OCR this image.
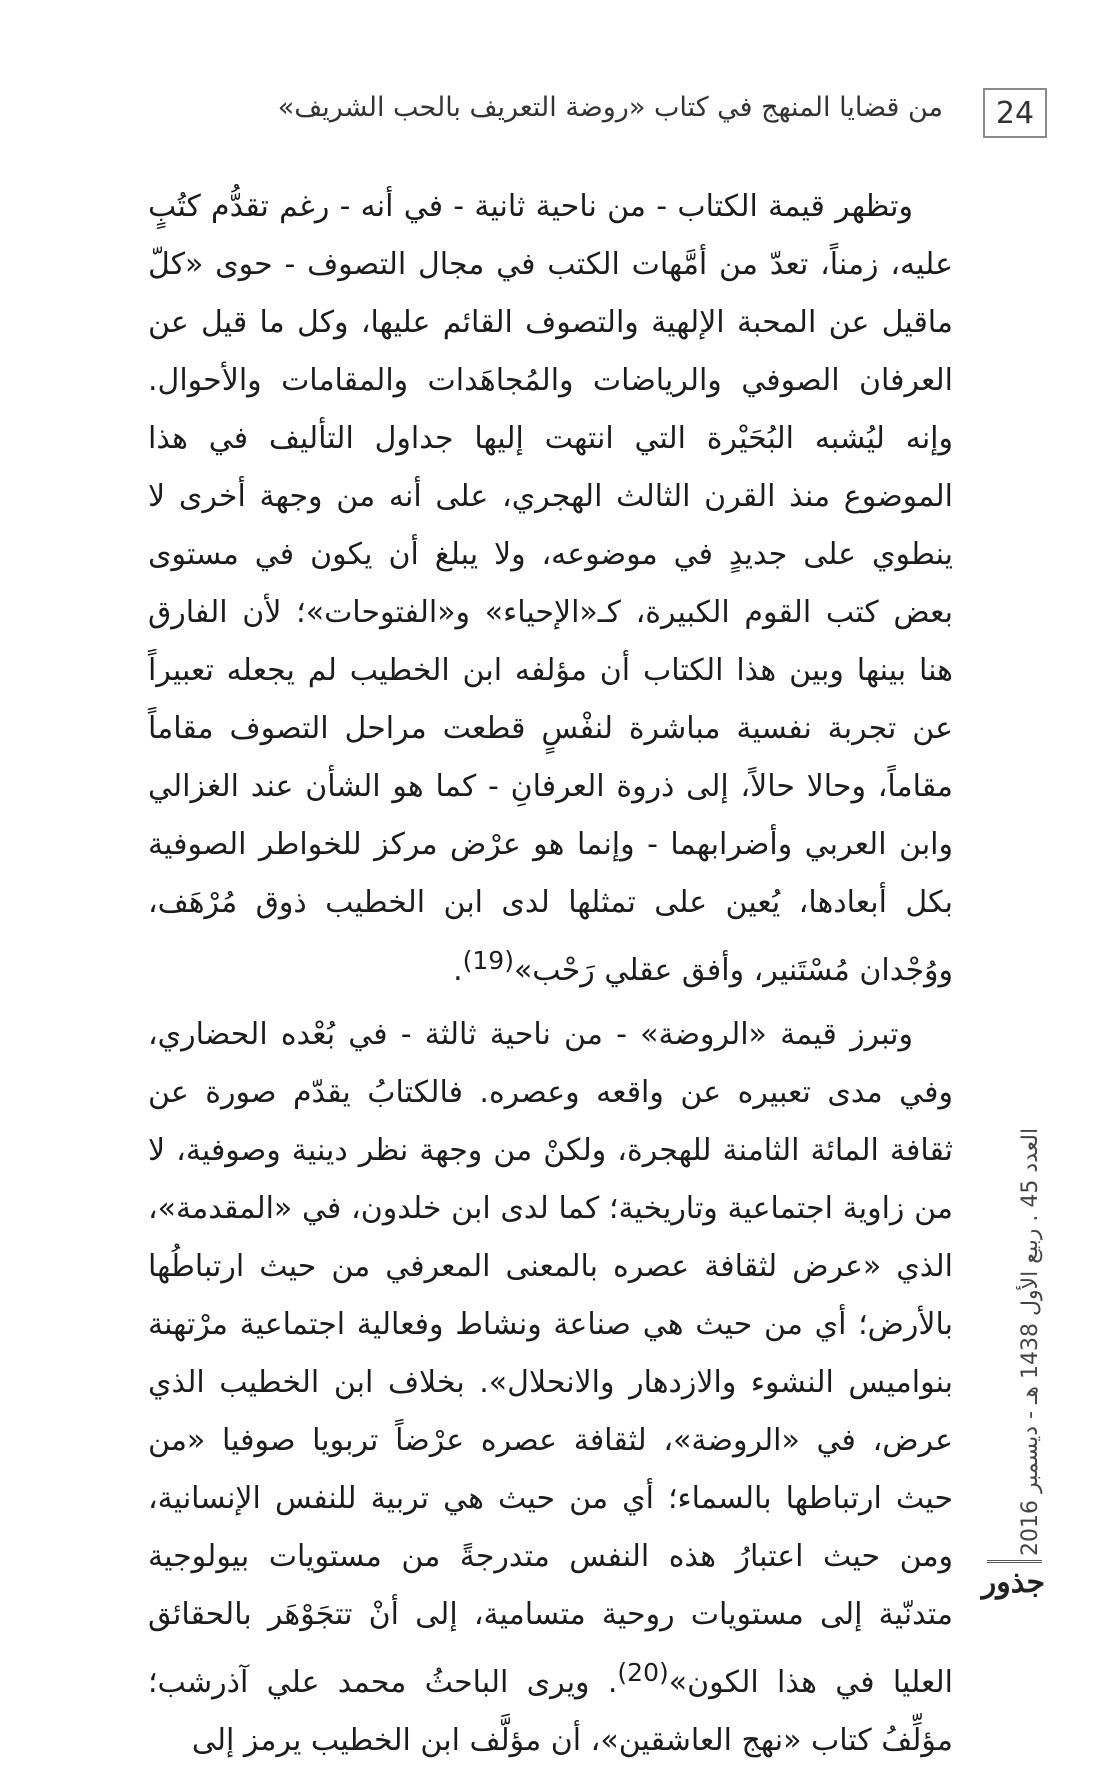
24
من قضايا المنهج في كتاب «روضة التعريف بالحب الشريف»

وتظهر قيمة الكتاب - من ناحية ثانية - في أنه - رغم تقدُّم كتُبٍ عليه، زمناً، تعدّ من أمَّهات الكتب في مجال التصوف - حوى «كلّ ماقيل عن المحبة الإلهية والتصوف القائم عليها، وكل ما قيل عن العرفان الصوفي والرياضات والمُجاهَدات والمقامات والأحوال. وإنه ليُشبه البُحَيْرة التي انتهت إليها جداول التأليف في هذا الموضوع منذ القرن الثالث الهجري، على أنه من وجهة أخرى لا ينطوي على جديدٍ في موضوعه، ولا يبلغ أن يكون في مستوى بعض كتب القوم الكبيرة، كـ«الإحياء» و«الفتوحات»؛ لأن الفارق هنا بينها وبين هذا الكتاب أن مؤلفه ابن الخطيب لم يجعله تعبيراً عن تجربة نفسية مباشرة لنفْسٍ قطعت مراحل التصوف مقاماً مقاماً، وحالا حالاً، إلى ذروة العرفانِ - كما هو الشأن عند الغزالي وابن العربي وأضرابهما - وإنما هو عرْض مركز للخواطر الصوفية بكل أبعادها، يُعين على تمثلها لدى ابن الخطيب ذوق مُرْهَف، ووُجْدان مُسْتَنير، وأفق عقلي رَحْب»$^{(19)}$.

وتبرز قيمة «الروضة» - من ناحية ثالثة - في بُعْده الحضاري، وفي مدى تعبيره عن واقعه وعصره. فالكتابُ يقدّم صورة عن ثقافة المائة الثامنة للهجرة، ولكنْ من وجهة نظر دينية وصوفية، لا من زاوية اجتماعية وتاريخية؛ كما لدى ابن خلدون، في «المقدمة»، الذي «عرض لثقافة عصره بالمعنى المعرفي من حيث ارتباطُها بالأرض؛ أي من حيث هي صناعة ونشاط وفعالية اجتماعية مرْتهنة بنواميس النشوء والازدهار والانحلال». بخلاف ابن الخطيب الذي عرض، في «الروضة»، لثقافة عصره عرْضاً تربويا صوفيا «من حيث ارتباطها بالسماء؛ أي من حيث هي تربية للنفس الإنسانية، ومن حيث اعتبارُ هذه النفس متدرجةً من مستويات بيولوجية متدنّية إلى مستويات روحية متسامية، إلى أنْ تتجَوْهَر بالحقائق العليا في هذا الكون»$^{(20)}$. ويرى الباحثُ محمد علي آذرشب؛ مؤلِّفُ كتاب «نهج العاشقين»، أن مؤلَّف ابن الخطيب يرمز إلى

العدد 45 . ربيع الأول 1438 هـ - ديسمبر 2016
جذور
